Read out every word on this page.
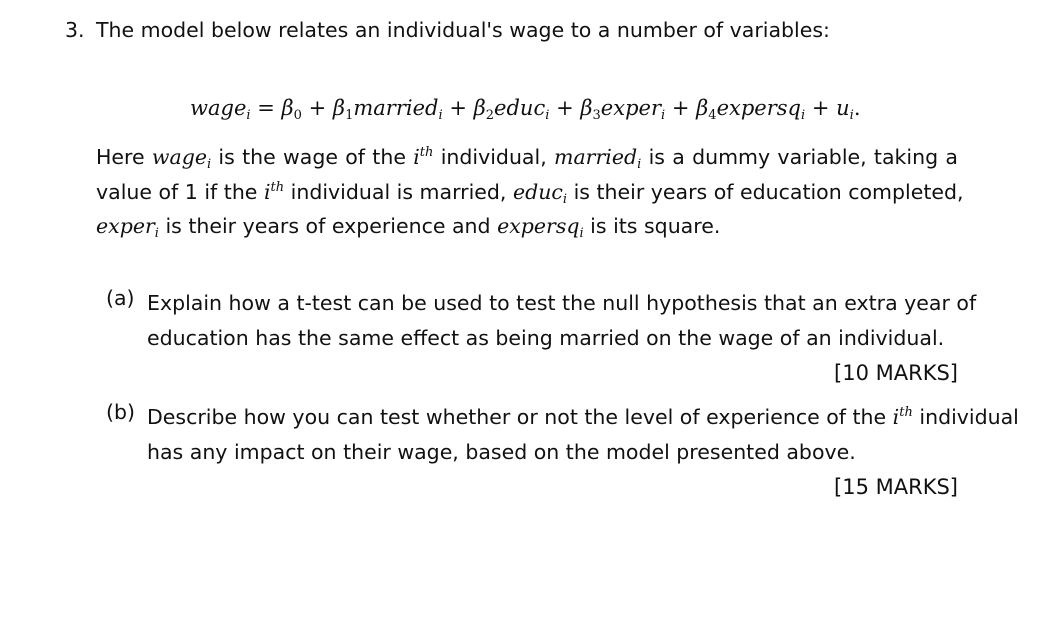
3. The model below relates an individual's wage to a number of variables:
wage$_i$ = $\beta_0$ + $\beta_1married_i$ + $\beta_2educ_i$ + $\beta_3exper_i$ + $\beta_4expersq_i + u_i$.
Here wage$_i$ is the wage of the $i^{th}$ individual, married$_i$ is a dummy variable, taking a
value of 1 if the $i^{th}$ individual is married, educ$_i$ is their years of education completed,
exper$_i$ is their years of experience and expersq$_i$ is its square.
(a) Explain how a t-test can be used to test the null hypothesis that an extra year of
education has the same effect as being married on the wage of an individual.
[10 MARKS]
(b) Describe how you can test whether or not the level of experience of the $i^{th}$ individual
has any impact on their wage, based on the model presented above.
[15 MARKS]
